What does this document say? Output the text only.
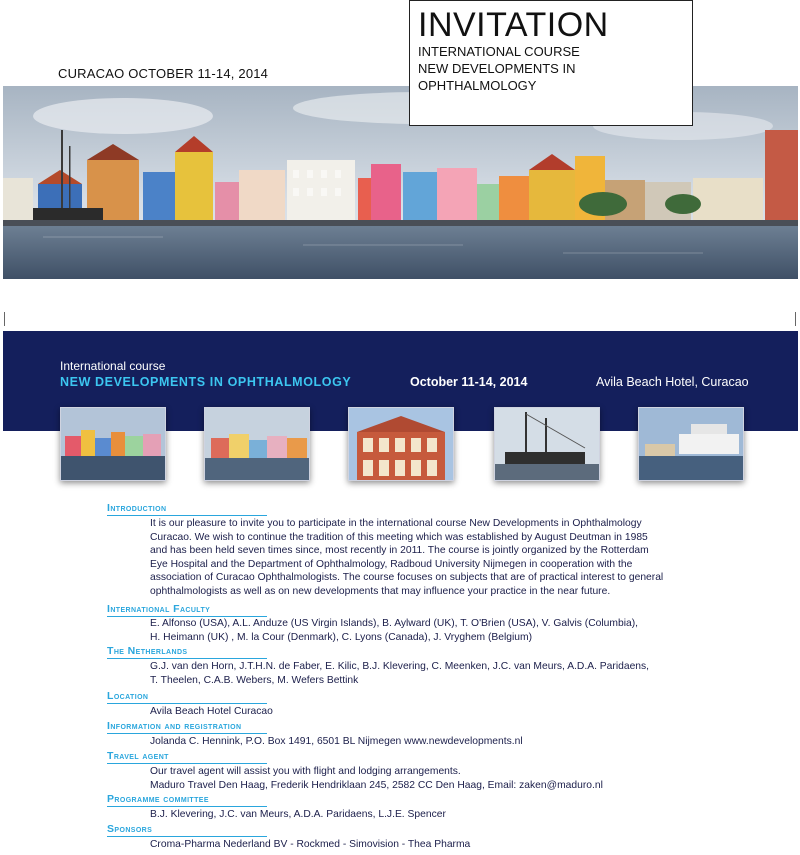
INVITATION
INTERNATIONAL COURSE
NEW DEVELOPMENTS IN OPHTHALMOLOGY
CURACAO OCTOBER 11-14, 2014
International course
NEW DEVELOPMENTS IN OPHTHALMOLOGY	October 11-14, 2014	Avila Beach Hotel, Curacao
Introduction
It is our pleasure to invite you to participate in the international course New Developments in Ophthalmology
Curacao. We wish to continue the tradition of this meeting which was established by August Deutman in 1985
and has been held seven times since, most recently in 2011. The course is jointly organized by the Rotterdam
Eye Hospital and the Department of Ophthalmology, Radboud University Nijmegen in cooperation with the
association of Curacao Ophthalmologists. The course focuses on subjects that are of practical interest to general
ophthalmologists as well as on new developments that may influence your practice in the near future.
International Faculty
E. Alfonso (USA), A.L. Anduze (US Virgin Islands), B. Aylward (UK), T. O'Brien (USA), V. Galvis (Columbia),
H. Heimann (UK) , M. la Cour (Denmark), C. Lyons (Canada), J. Vryghem (Belgium)
The Netherlands
G.J. van den Horn, J.T.H.N. de Faber, E. Kilic, B.J. Klevering, C. Meenken, J.C. van Meurs, A.D.A. Paridaens,
T. Theelen, C.A.B. Webers, M. Wefers Bettink
Location
Avila Beach Hotel Curacao
Information and registration
Jolanda C. Hennink, P.O. Box 1491, 6501 BL Nijmegen www.newdevelopments.nl
Travel agent
Our travel agent will assist you with flight and lodging arrangements.
Maduro Travel Den Haag, Frederik Hendriklaan 245, 2582 CC Den Haag, Email: zaken@maduro.nl
Programme committee
B.J. Klevering, J.C. van Meurs, A.D.A. Paridaens, L.J.E. Spencer
Sponsors
Croma-Pharma Nederland BV - Rockmed - Simovision - Thea Pharma
